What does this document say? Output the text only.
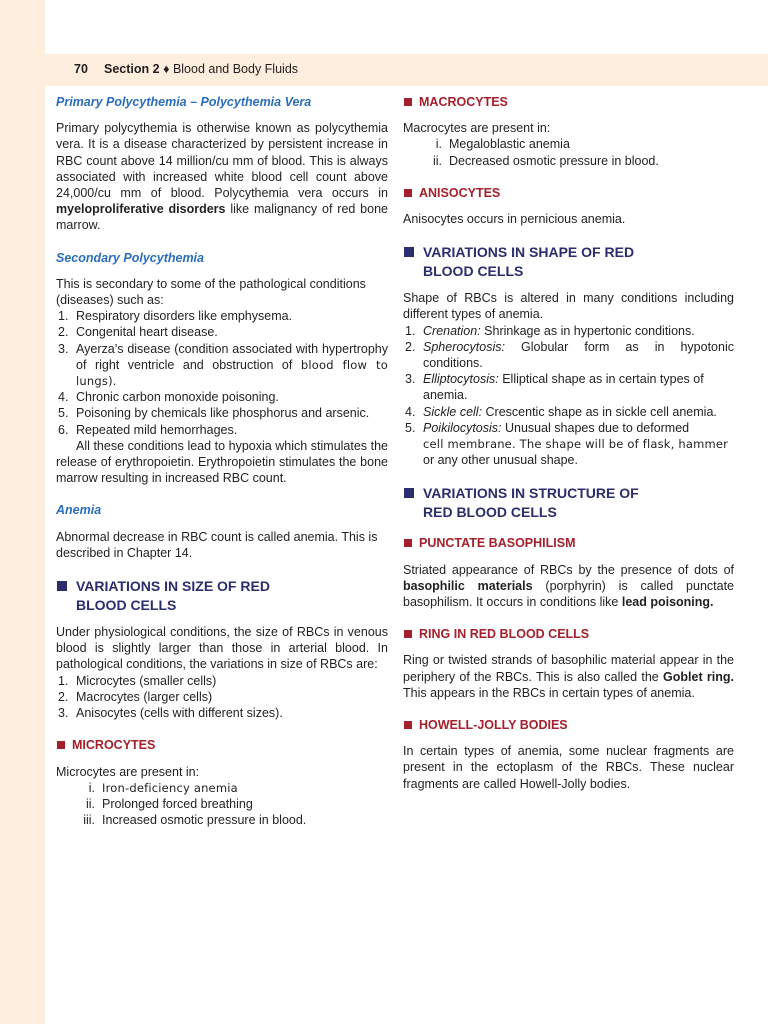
70 Section 2 ♦ Blood and Body Fluids

Primary Polycythemia – Polycythemia Vera

Primary polycythemia is otherwise known as polycythemia vera. It is a disease characterized by persistent increase in RBC count above 14 million/cu mm of blood. This is always associated with increased white blood cell count above 24,000/cu mm of blood. Polycythemia vera occurs in myeloproliferative disorders like malignancy of red bone marrow.

Secondary Polycythemia

This is secondary to some of the pathological conditions (diseases) such as:

1. Respiratory disorders like emphysema.
2. Congenital heart disease.
3. Ayerza’s disease (condition associated with hypertrophy of right ventricle and obstruction of blood flow to lungs).
4. Chronic carbon monoxide poisoning.
5. Poisoning by chemicals like phosphorus and arsenic.
6. Repeated mild hemorrhages.

All these conditions lead to hypoxia which stimulates the release of erythropoietin. Erythropoietin stimulates the bone marrow resulting in increased RBC count.

Anemia

Abnormal decrease in RBC count is called anemia. This is described in Chapter 14.

VARIATIONS IN SIZE OF RED
BLOOD CELLS

Under physiological conditions, the size of RBCs in venous blood is slightly larger than those in arterial blood. In pathological conditions, the variations in size of RBCs are:

1. Microcytes (smaller cells)
2. Macrocytes (larger cells)
3. Anisocytes (cells with different sizes).
MICROCYTES

Microcytes are present in:

i. Iron-deficiency anemia
ii. Prolonged forced breathing
iii. Increased osmotic pressure in blood.
MACROCYTES

Macrocytes are present in:

i. Megaloblastic anemia
ii. Decreased osmotic pressure in blood.
ANISOCYTES

Anisocytes occurs in pernicious anemia.

VARIATIONS IN SHAPE OF RED
BLOOD CELLS

Shape of RBCs is altered in many conditions including different types of anemia.

1. Crenation: Shrinkage as in hypertonic conditions.
2. Spherocytosis: Globular form as in hypotonic conditions.
3. Elliptocytosis: Elliptical shape as in certain types of anemia.
4. Sickle cell: Crescentic shape as in sickle cell anemia.
5. Poikilocytosis: Unusual shapes due to deformed
cell membrane. The shape will be of flask, hammer
or any other unusual shape.
VARIATIONS IN STRUCTURE OF
RED BLOOD CELLS
PUNCTATE BASOPHILISM

Striated appearance of RBCs by the presence of dots of basophilic materials (porphyrin) is called punctate basophilism. It occurs in conditions like lead poisoning.

RING IN RED BLOOD CELLS

Ring or twisted strands of basophilic material appear in the periphery of the RBCs. This is also called the Goblet ring. This appears in the RBCs in certain types of anemia.

HOWELL-JOLLY BODIES

In certain types of anemia, some nuclear fragments are present in the ectoplasm of the RBCs. These nuclear fragments are called Howell-Jolly bodies.
